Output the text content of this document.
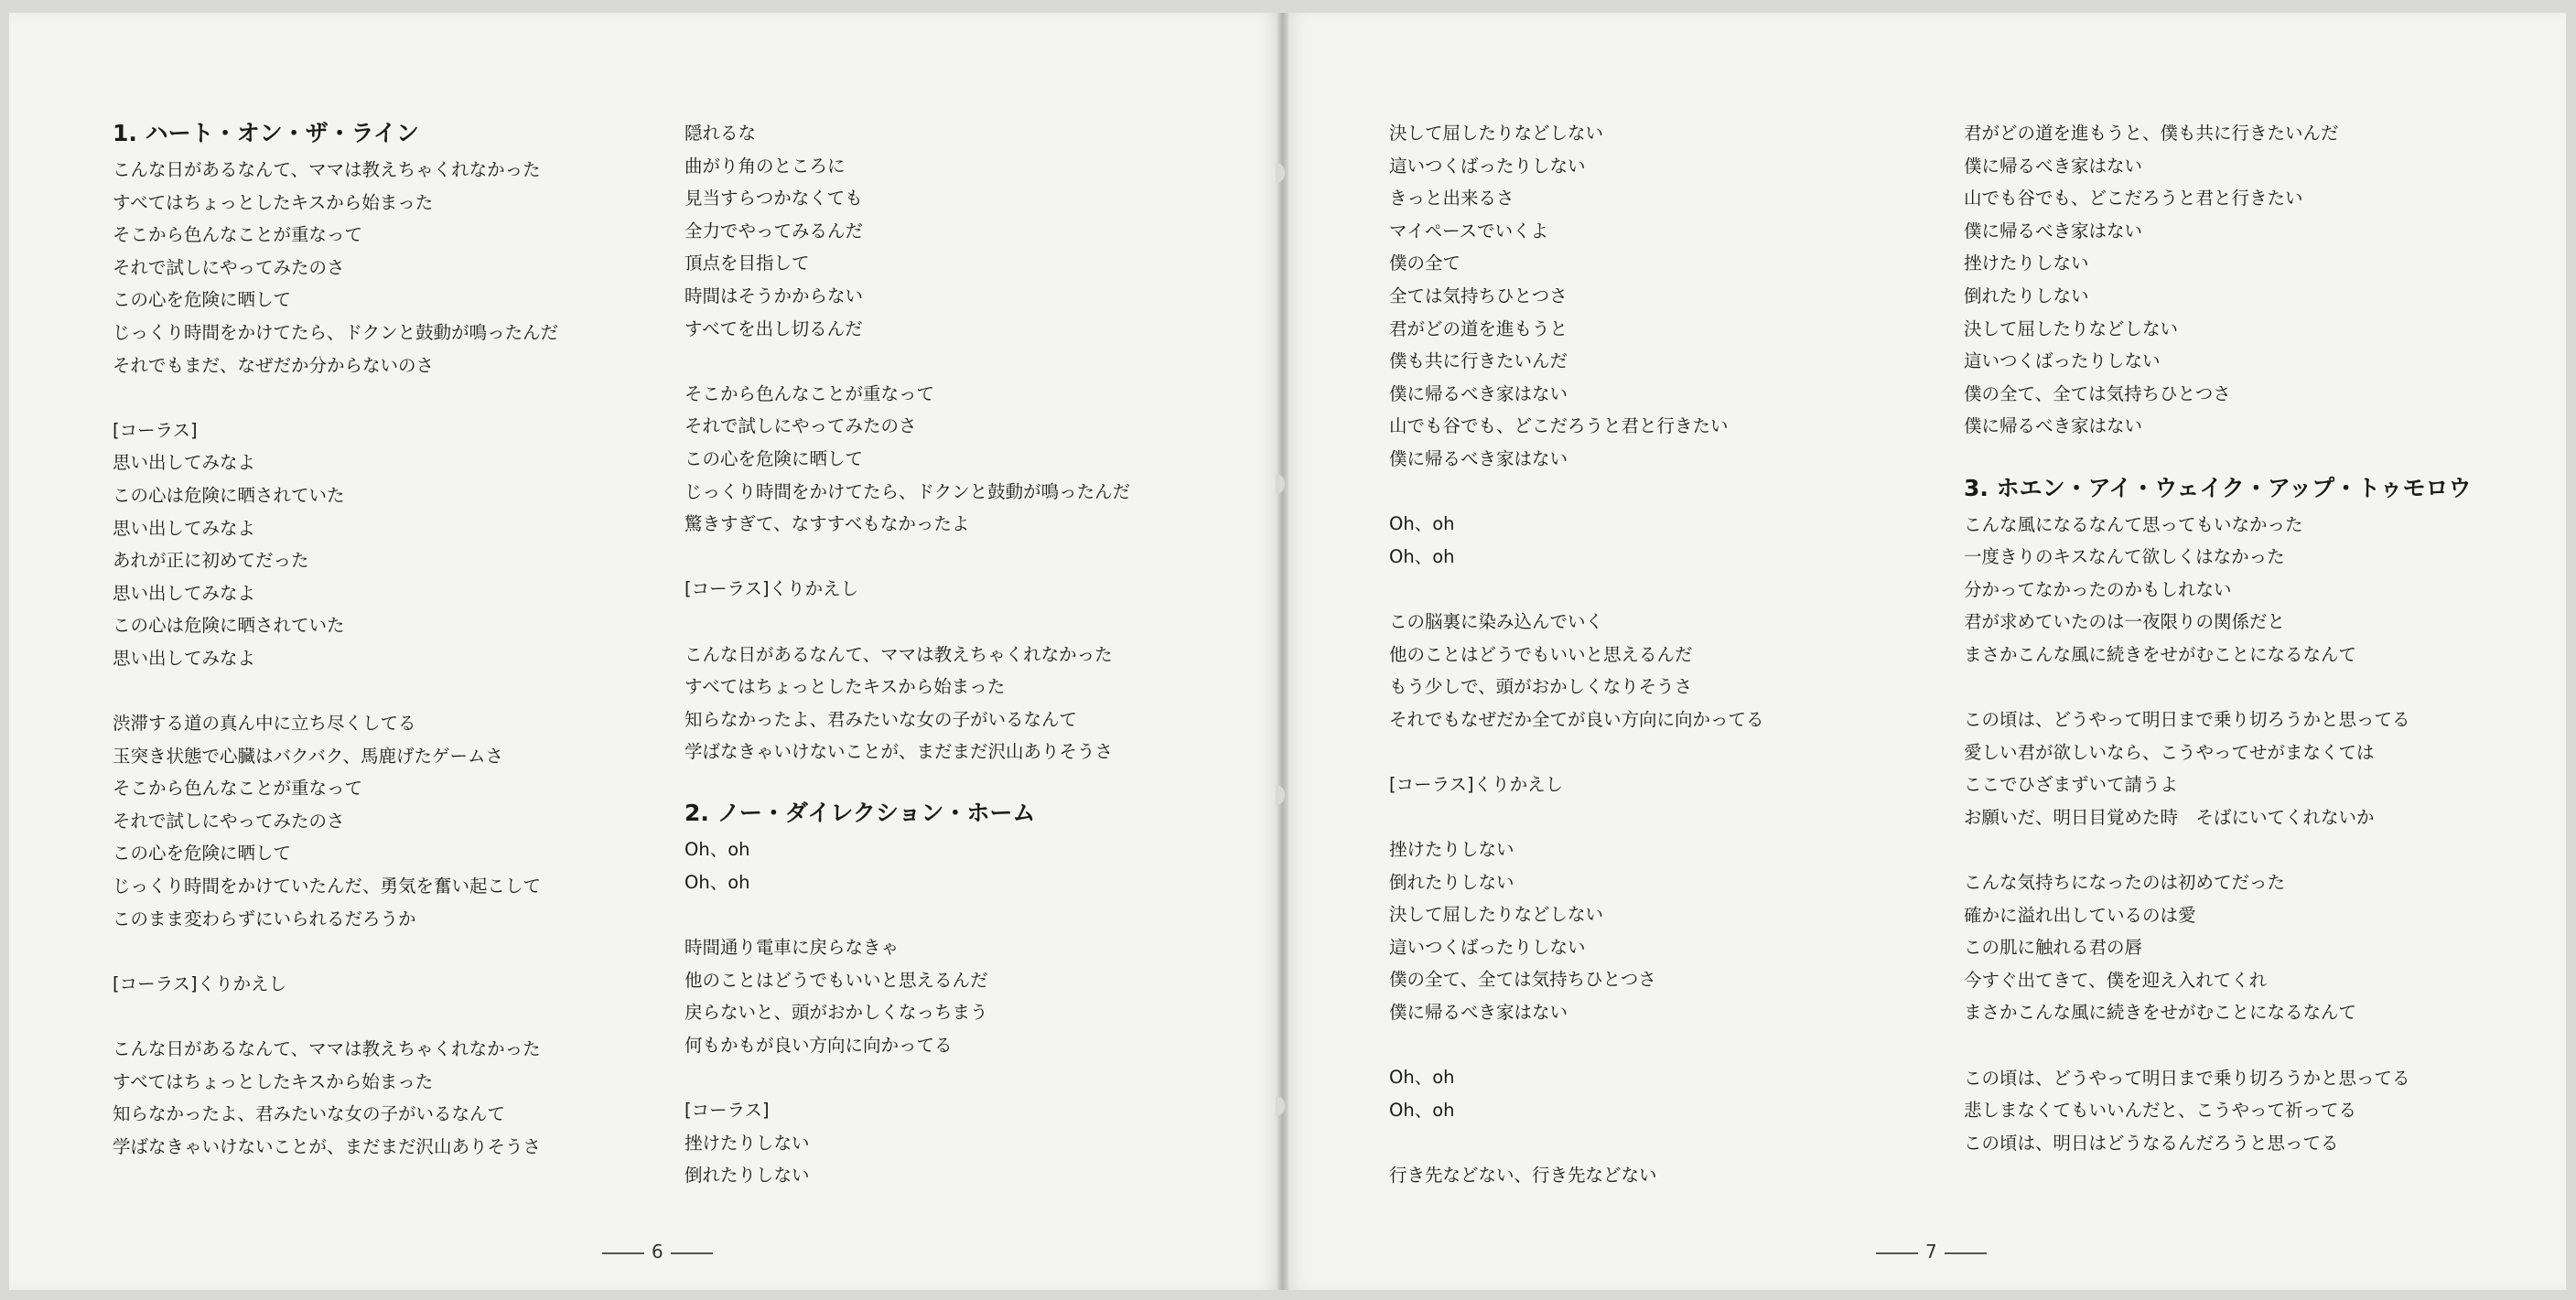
1. ハート・オン・ザ・ライン
こんな日があるなんて、ママは教えちゃくれなかった
すべてはちょっとしたキスから始まった
そこから色んなことが重なって
それで試しにやってみたのさ
この心を危険に晒して
じっくり時間をかけてたら、ドクンと鼓動が鳴ったんだ
それでもまだ、なぜだか分からないのさ
[コーラス]
思い出してみなよ
この心は危険に晒されていた
思い出してみなよ
あれが正に初めてだった
思い出してみなよ
この心は危険に晒されていた
思い出してみなよ
渋滞する道の真ん中に立ち尽くしてる
玉突き状態で心臓はバクバク、馬鹿げたゲームさ
そこから色んなことが重なって
それで試しにやってみたのさ
この心を危険に晒して
じっくり時間をかけていたんだ、勇気を奮い起こして
このまま変わらずにいられるだろうか
[コーラス]くりかえし
こんな日があるなんて、ママは教えちゃくれなかった
すべてはちょっとしたキスから始まった
知らなかったよ、君みたいな女の子がいるなんて
学ばなきゃいけないことが、まだまだ沢山ありそうさ
隠れるな
曲がり角のところに
見当すらつかなくても
全力でやってみるんだ
頂点を目指して
時間はそうかからない
すべてを出し切るんだ
そこから色んなことが重なって
それで試しにやってみたのさ
この心を危険に晒して
じっくり時間をかけてたら、ドクンと鼓動が鳴ったんだ
驚きすぎて、なすすべもなかったよ
[コーラス]くりかえし
こんな日があるなんて、ママは教えちゃくれなかった
すべてはちょっとしたキスから始まった
知らなかったよ、君みたいな女の子がいるなんて
学ばなきゃいけないことが、まだまだ沢山ありそうさ
2. ノー・ダイレクション・ホーム
Oh、oh
Oh、oh
時間通り電車に戻らなきゃ
他のことはどうでもいいと思えるんだ
戻らないと、頭がおかしくなっちまう
何もかもが良い方向に向かってる
[コーラス]
挫けたりしない
倒れたりしない
6
決して屈したりなどしない
這いつくばったりしない
きっと出来るさ
マイペースでいくよ
僕の全て
全ては気持ちひとつさ
君がどの道を進もうと
僕も共に行きたいんだ
僕に帰るべき家はない
山でも谷でも、どこだろうと君と行きたい
僕に帰るべき家はない
Oh、oh
Oh、oh
この脳裏に染み込んでいく
他のことはどうでもいいと思えるんだ
もう少しで、頭がおかしくなりそうさ
それでもなぜだか全てが良い方向に向かってる
[コーラス]くりかえし
挫けたりしない
倒れたりしない
決して屈したりなどしない
這いつくばったりしない
僕の全て、全ては気持ちひとつさ
僕に帰るべき家はない
Oh、oh
Oh、oh
行き先などない、行き先などない
君がどの道を進もうと、僕も共に行きたいんだ
僕に帰るべき家はない
山でも谷でも、どこだろうと君と行きたい
僕に帰るべき家はない
挫けたりしない
倒れたりしない
決して屈したりなどしない
這いつくばったりしない
僕の全て、全ては気持ちひとつさ
僕に帰るべき家はない
3. ホエン・アイ・ウェイク・アップ・トゥモロウ
こんな風になるなんて思ってもいなかった
一度きりのキスなんて欲しくはなかった
分かってなかったのかもしれない
君が求めていたのは一夜限りの関係だと
まさかこんな風に続きをせがむことになるなんて
この頃は、どうやって明日まで乗り切ろうかと思ってる
愛しい君が欲しいなら、こうやってせがまなくては
ここでひざまずいて請うよ
お願いだ、明日目覚めた時　そばにいてくれないか
こんな気持ちになったのは初めてだった
確かに溢れ出しているのは愛
この肌に触れる君の唇
今すぐ出てきて、僕を迎え入れてくれ
まさかこんな風に続きをせがむことになるなんて
この頃は、どうやって明日まで乗り切ろうかと思ってる
悲しまなくてもいいんだと、こうやって祈ってる
この頃は、明日はどうなるんだろうと思ってる
7
